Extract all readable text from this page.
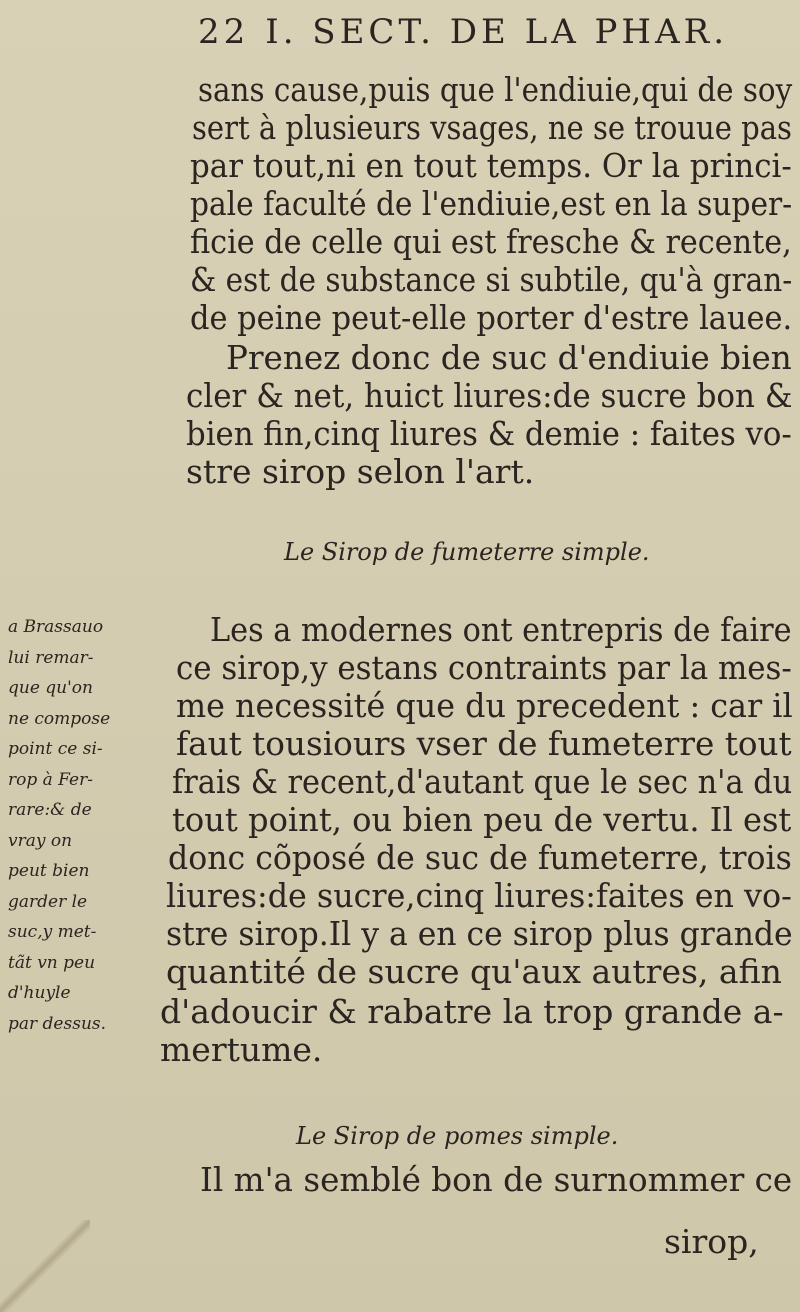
22 I. SECT. DE LA PHAR.
sans cause,puis que l'endiuie,qui de soy
sert à plusieurs vsages, ne se trouue pas
par tout,ni en tout temps. Or la princi-
pale faculté de l'endiuie,est en la super-
ficie de celle qui est fresche & recente,
& est de substance si subtile, qu'à gran-
de peine peut-elle porter d'estre lauee.
Prenez donc de suc d'endiuie bien
cler & net, huict liures:de sucre bon &
bien fin,cinq liures & demie : faites vo-
stre sirop selon l'art.
Le Sirop de fumeterre simple.
a Brassauo
lui remar-
que qu'on
ne compose
point ce si-
rop à Fer-
rare:& de
vray on
peut bien
garder le
suc,y met-
tãt vn peu
d'huyle
par dessus.
Les a modernes ont entrepris de faire
ce sirop,y estans contraints par la mes-
me necessité que du precedent : car il
faut tousiours vser de fumeterre tout
frais & recent,d'autant que le sec n'a du
tout point, ou bien peu de vertu. Il est
donc cõposé de suc de fumeterre, trois
liures:de sucre,cinq liures:faites en vo-
stre sirop.Il y a en ce sirop plus grande
quantité de sucre qu'aux autres, afin
d'adoucir & rabatre la trop grande a-
mertume.
Le Sirop de pomes simple.
Il m'a semblé bon de surnommer ce
sirop,
